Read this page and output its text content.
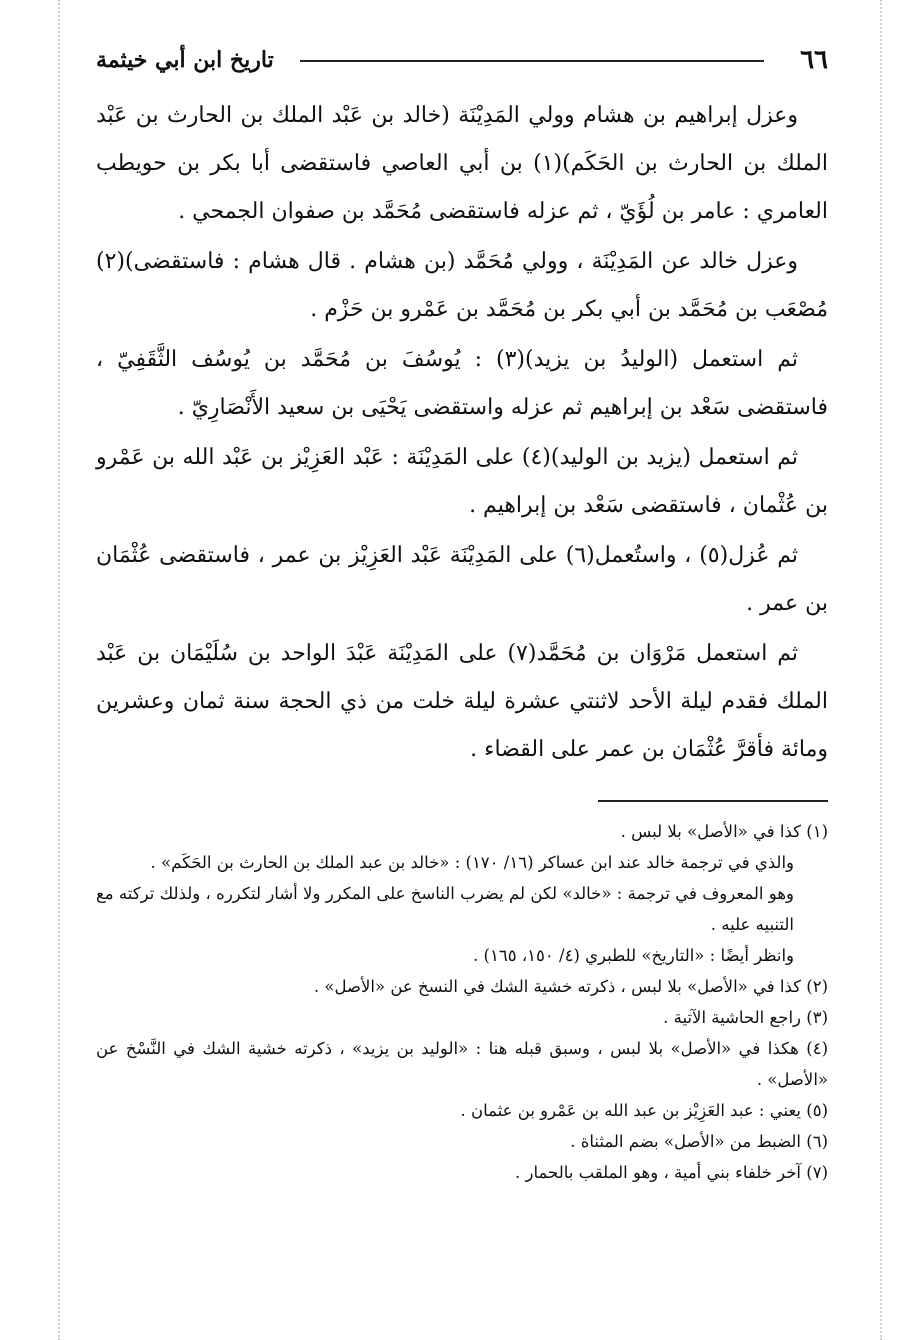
٦٦
تاريخ ابن أبي خيثمة

وعزل إبراهيم بن هشام وولي المَدِيْنَة (خالد بن عَبْد الملك بن الحارث بن عَبْد الملك بن الحارث بن الحَكَم)(١) بن أبي العاصي فاستقضى أبا بكر بن حويطب العامري : عامر بن لُؤَيّ ، ثم عزله فاستقضى مُحَمَّد بن صفوان الجمحي .

وعزل خالد عن المَدِيْنَة ، وولي مُحَمَّد (بن هشام . قال هشام : فاستقضى)(٢) مُصْعَب بن مُحَمَّد بن أبي بكر بن مُحَمَّد بن عَمْرو بن حَزْم .

ثم استعمل (الوليدُ بن يزيد)(٣) : يُوسُفَ بن مُحَمَّد بن يُوسُف الثَّقَفِيّ ، فاستقضى سَعْد بن إبراهيم ثم عزله واستقضى يَحْيَى بن سعيد الأَنْصَارِيّ .

ثم استعمل (يزيد بن الوليد)(٤) على المَدِيْنَة : عَبْد العَزِيْز بن عَبْد الله بن عَمْرو بن عُثْمان ، فاستقضى سَعْد بن إبراهيم .

ثم عُزل(٥) ، واستُعمل(٦) على المَدِيْنَة عَبْد العَزِيْز بن عمر ، فاستقضى عُثْمَان بن عمر .

ثم استعمل مَرْوَان بن مُحَمَّد(٧) على المَدِيْنَة عَبْدَ الواحد بن سُلَيْمَان بن عَبْد الملك فقدم ليلة الأحد لاثنتي عشرة ليلة خلت من ذي الحجة سنة ثمان وعشرين ومائة فأقرَّ عُثْمَان بن عمر على القضاء .

(١) كذا في «الأصل» بلا لبس .

والذي في ترجمة خالد عند ابن عساكر (١٦/ ١٧٠) : «خالد بن عبد الملك بن الحارث بن الحَكَم» .

وهو المعروف في ترجمة : «خالد» لكن لم يضرب الناسخ على المكرر ولا أشار لتكرره ، ولذلك تركته مع التنبيه عليه .

وانظر أيضًا : «التاريخ» للطبري (٤/ ١٥٠، ١٦٥) .

(٢) كذا في «الأصل» بلا لبس ، ذكرته خشية الشك في النسخ عن «الأصل» .

(٣) راجع الحاشية الآتية .

(٤) هكذا في «الأصل» بلا لبس ، وسبق قبله هنا : «الوليد بن يزيد» ، ذكرته خشية الشك في النَّسْخ عن «الأصل» .

(٥) يعني : عبد العَزِيْز بن عبد الله بن عَمْرو بن عثمان .

(٦) الضبط من «الأصل» بضم المثناة .

(٧) آخر خلفاء بني أمية ، وهو الملقب بالحمار .
